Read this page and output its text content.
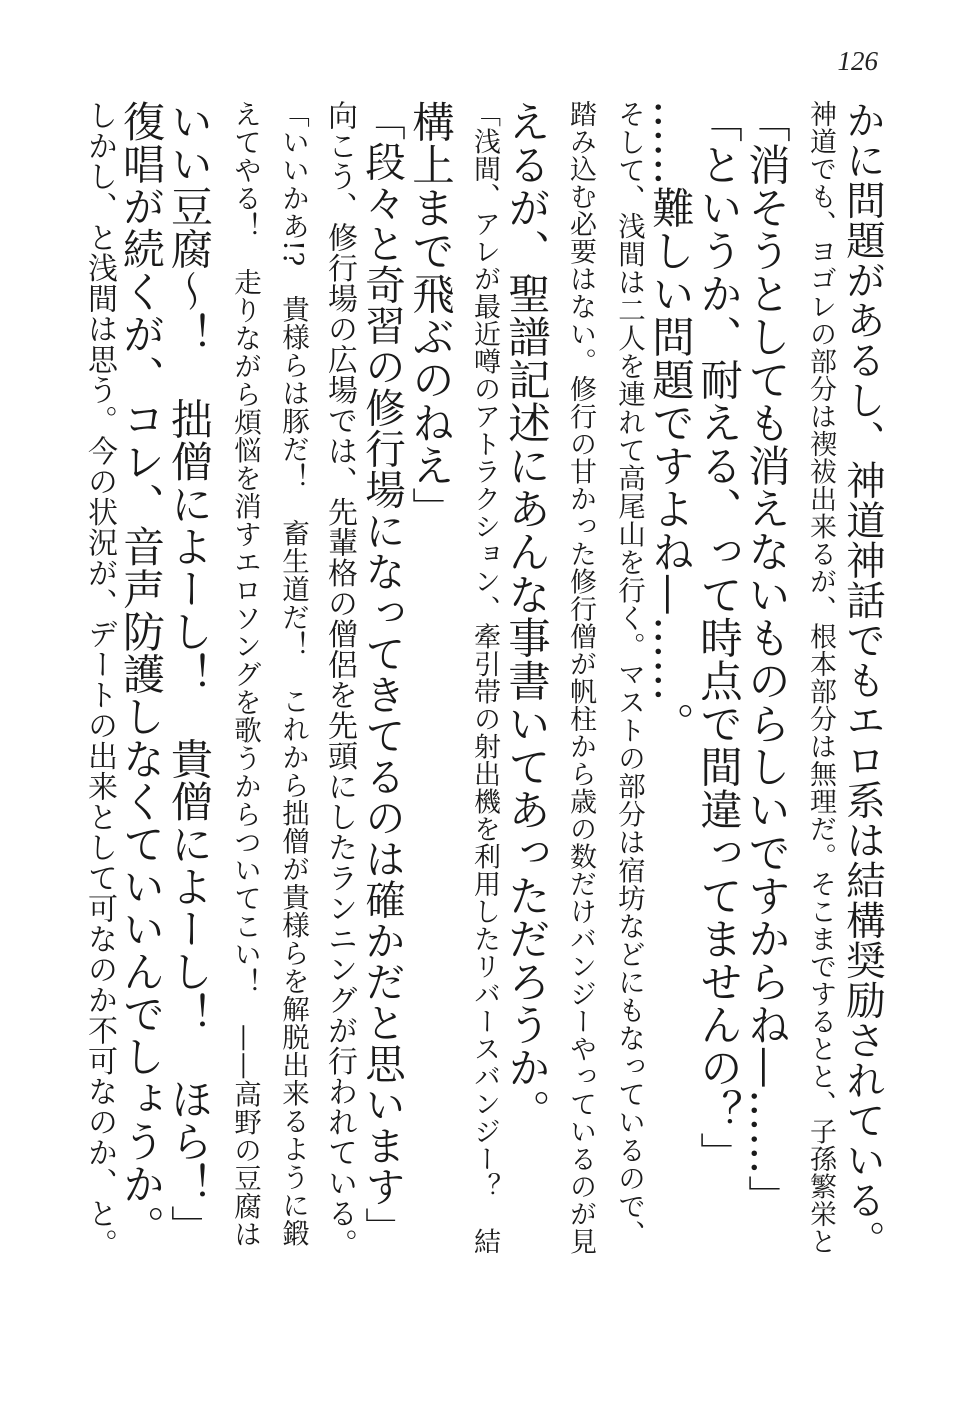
126
かに問題があるし、神道神話でもエロ系は結構奨励されている。
神道でも、ヨゴレの部分は禊祓出来るが、根本部分は無理だ。そこまでするとと、子孫繁栄と
「消そうとしても消えないものらしいですからね—……」
「というか、耐える、って時点で間違ってませんの？」
……難しい問題ですよね—……。
そして、浅間は二人を連れて高尾山を行く。マストの部分は宿坊などにもなっているので、
踏み込む必要はない。修行の甘かった修行僧が帆柱から歳の数だけバンジーやっているのが見
えるが、聖譜記述にあんな事書いてあっただろうか。
「浅間、アレが最近噂のアトラクション、牽引帯の射出機を利用したリバースバンジー？　結
構上まで飛ぶのねえ」
「段々と奇習の修行場になってきてるのは確かだと思います」
向こう、修行場の広場では、先輩格の僧侶を先頭にしたランニングが行われている。
「いいかあ!?　貴様らは豚だ！　畜生道だ！　これから拙僧が貴様らを解脱出来るように鍛
えてやる！　走りながら煩悩を消すエロソングを歌うからついてこい！　——高野の豆腐は
いい豆腐～！　拙僧によーし！　貴僧によーし！　ほら！」
復唱が続くが、コレ、音声防護しなくていいんでしょうか。
しかし、と浅間は思う。今の状況が、デートの出来として可なのか不可なのか、と。
